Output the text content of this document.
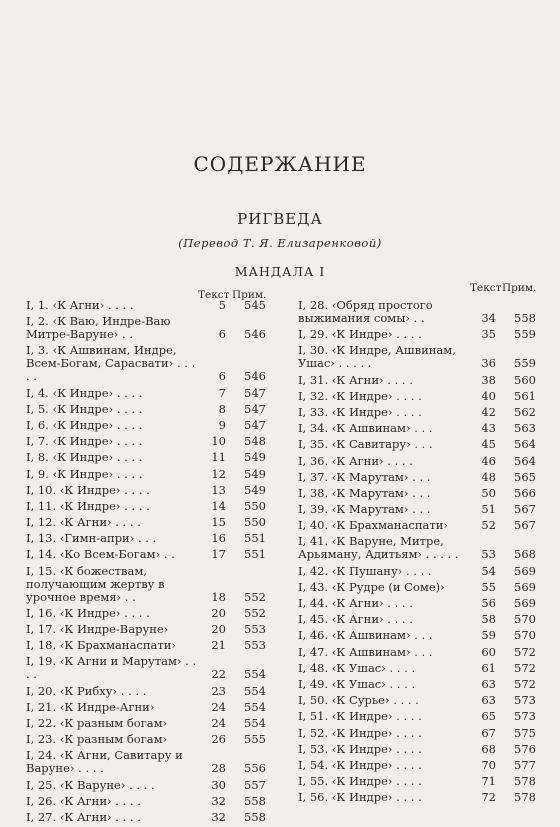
СОДЕРЖАНИЕ
РИГВЕДА
(Перевод Т. Я. Елизаренковой)
МАНДАЛА I
Текст Прим.
I, 1. ‹К Агни› . . . .	5 545
I, 2. ‹К Ваю, Индре-Ваю Митре-Варуне› . .	6 546
I, 3. ‹К Ашвинам, Индре, Всем-Богам, Сарасвати› . . . . .	6 546
I, 4. ‹К Индре› . . . .	7 547
I, 5. ‹К Индре› . . . .	8 547
I, 6. ‹К Индре› . . . .	9 547
I, 7. ‹К Индре› . . . .	10 548
I, 8. ‹К Индре› . . . .	11 549
I, 9. ‹К Индре› . . . .	12 549
I, 10. ‹К Индре› . . . .	13 549
I, 11. ‹К Индре› . . . .	14 550
I, 12. ‹К Агни› . . . .	15 550
I, 13. ‹Гимн-апри› . . .	16 551
I, 14. ‹Ко Всем-Богам› . .	17 551
I, 15. ‹К божествам, получающим жертву в урочное время› . .	18 552
I, 16. ‹К Индре› . . . .	20 552
I, 17. ‹К Индре-Варуне›	20 553
I, 18. ‹К Брахманаспати›	21 553
I, 19. ‹К Агни и Марутам› . . . .	22 554
I, 20. ‹К Рибху› . . . .	23 554
I, 21. ‹К Индре-Агни›	24 554
I, 22. ‹К разным богам›	24 554
I, 23. ‹К разным богам›	26 555
I, 24. ‹К Агни, Савитару и Варуне› . . . .	28 556
I, 25. ‹К Варуне› . . . .	30 557
I, 26. ‹К Агни› . . . .	32 558
I, 27. ‹К Агни› . . . .	32 558
Текст Прим.
I, 28. ‹Обряд простого выжимания сомы› . .	34 558
I, 29. ‹К Индре› . . . .	35 559
I, 30. ‹К Индре, Ашвинам, Ушас› . . . . .	36 559
I, 31. ‹К Агни› . . . .	38 560
I, 32. ‹К Индре› . . . .	40 561
I, 33. ‹К Индре› . . . .	42 562
I, 34. ‹К Ашвинам› . . .	43 563
I, 35. ‹К Савитару› . . .	45 564
I, 36. ‹К Агни› . . . .	46 564
I, 37. ‹К Марутам› . . .	48 565
I, 38. ‹К Марутам› . . .	50 566
I, 39. ‹К Марутам› . . .	51 567
I, 40. ‹К Брахманаспати›	52 567
I, 41. ‹К Варуне, Митре, Арьяману, Адитьям› . . . . .	53 568
I, 42. ‹К Пушану› . . . .	54 569
I, 43. ‹К Рудре (и Соме)›	55 569
I, 44. ‹К Агни› . . . .	56 569
I, 45. ‹К Агни› . . . .	58 570
I, 46. ‹К Ашвинам› . . .	59 570
I, 47. ‹К Ашвинам› . . .	60 572
I, 48. ‹К Ушас› . . . .	61 572
I, 49. ‹К Ушас› . . . .	63 572
I, 50. ‹К Сурье› . . . .	63 573
I, 51. ‹К Индре› . . . .	65 573
I, 52. ‹К Индре› . . . .	67 575
I, 53. ‹К Индре› . . . .	68 576
I, 54. ‹К Индре› . . . .	70 577
I, 55. ‹К Индре› . . . .	71 578
I, 56. ‹К Индре› . . . .	72 578
